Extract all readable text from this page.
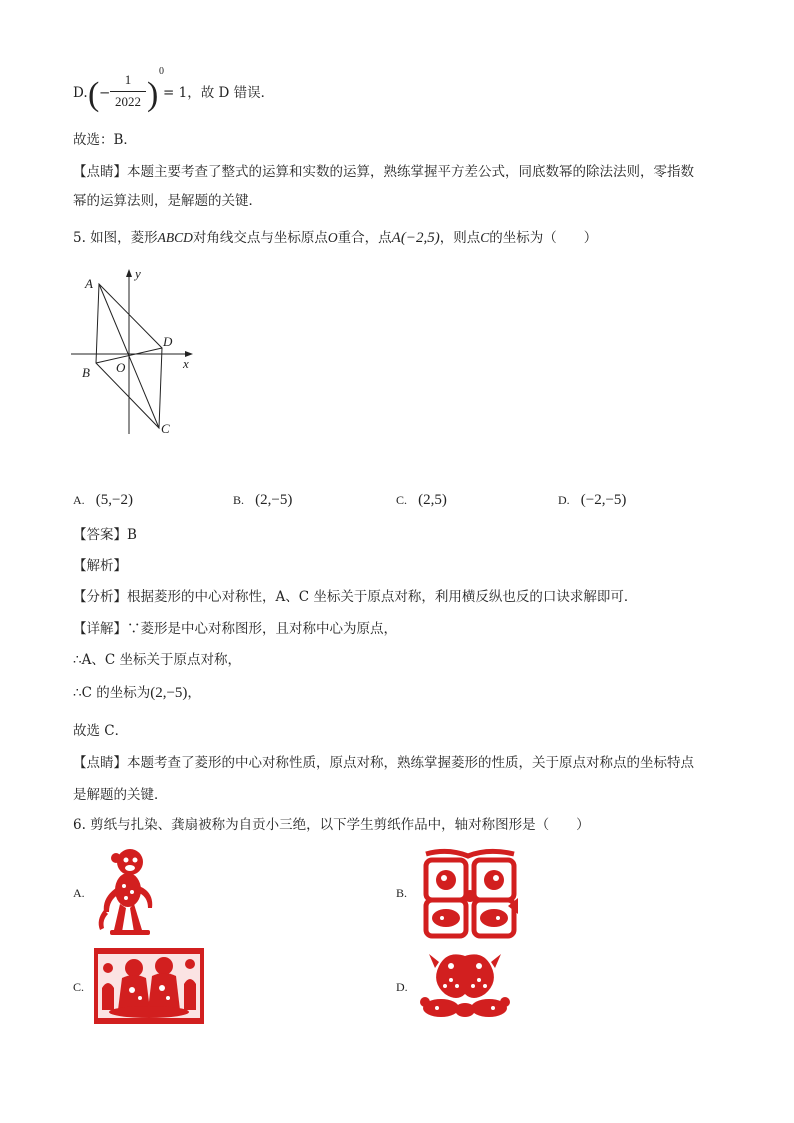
D. ( −
1
2022 )
0
= 1，故 D 错误．
故选：B．
【点睛】本题主要考查了整式的运算和实数的运算，熟练掌握平方差公式，同底数幂的除法法则，零指数
幂的运算法则，是解题的关键．
5. 如图，菱形ABCD对角线交点与坐标原点O重合，点A(−2,5)，则点C的坐标为（　　）
A
B
C
D
O	x
y
A. (5,−2)	B. (2,−5)	C. (2,5)	D. (−2,−5)
【答案】B
【解析】
【分析】根据菱形的中心对称性，A、C 坐标关于原点对称，利用横反纵也反的口诀求解即可．
【详解】∵菱形是中心对称图形，且对称中心为原点，
∴A、C 坐标关于原点对称，
∴C 的坐标为(2,−5)，
故选 C．
【点睛】本题考查了菱形的中心对称性质，原点对称，熟练掌握菱形的性质，关于原点对称点的坐标特点
是解题的关键．
6. 剪纸与扎染、龚扇被称为自贡小三绝，以下学生剪纸作品中，轴对称图形是（　　）
A.	B.
C.	D.
